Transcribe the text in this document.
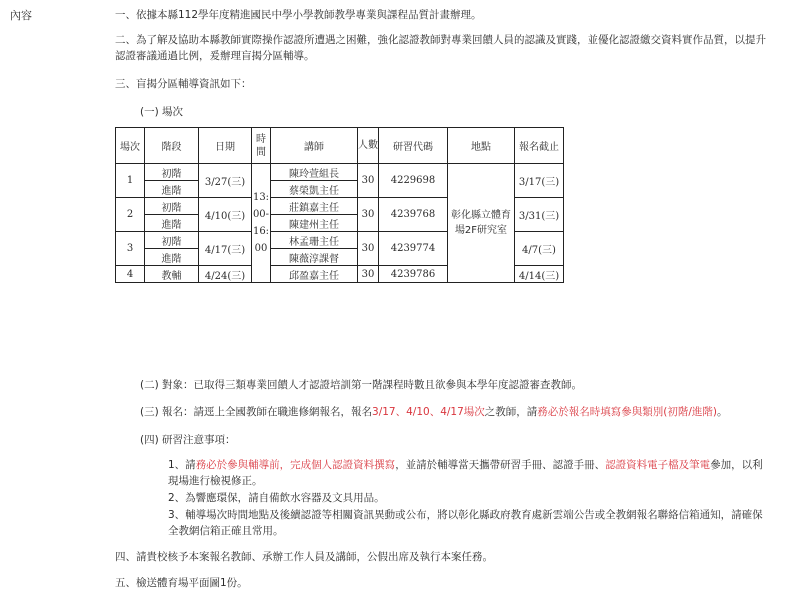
內容	一、依據本縣112學年度精進國民中學小學教師教學專業與課程品質計畫辦理。
二、為了解及協助本縣教師實際操作認證所遭遇之困難，強化認證教師對專業回饋人員的認識及實踐，並優化認證繳交資料實作品質，以提升
認證審議通過比例，爰辦理盲揭分區輔導。
三、盲揭分區輔導資訊如下：
(一) 場次
場次	階段	日期	時間	講師	人數	研習代碼	地點	報名截止
1	初階	3/27(三)	13:00-16:00	陳玲萱組長	30	4229698	彰化縣立體育場2F研究室	3/17(三)
	進階			蔡榮凱主任				
2	初階	4/10(三)		莊鎮嘉主任	30	4239768		3/31(三)
	進階			陳建州主任				
3	初階	4/17(三)		林孟珊主任	30	4239774		4/7(三)
	進階			陳薇淳課督				
4	教輔	4/24(三)		邱盈嘉主任	30	4239786		4/14(三)
(二) 對象：已取得三類專業回饋人才認證培訓第一階課程時數且欲參與本學年度認證審查教師。
(三) 報名：請逕上全國教師在職進修網報名，報名3/17、4/10、4/17場次之教師，請務必於報名時填寫參與類別(初階/進階)。
(四) 研習注意事項：
1、請務必於參與輔導前，完成個人認證資料撰寫，並請於輔導當天攜帶研習手冊、認證手冊、認證資料電子檔及筆電參加，以利
現場進行檢視修正。
2、為響應環保，請自備飲水容器及文具用品。
3、輔導場次時間地點及後續認證等相關資訊異動或公布，將以彰化縣政府教育處新雲端公告或全教網報名聯絡信箱通知，請確保
全教網信箱正確且常用。
四、請貴校核予本案報名教師、承辦工作人員及講師，公假出席及執行本案任務。
五、檢送體育場平面圖1份。
